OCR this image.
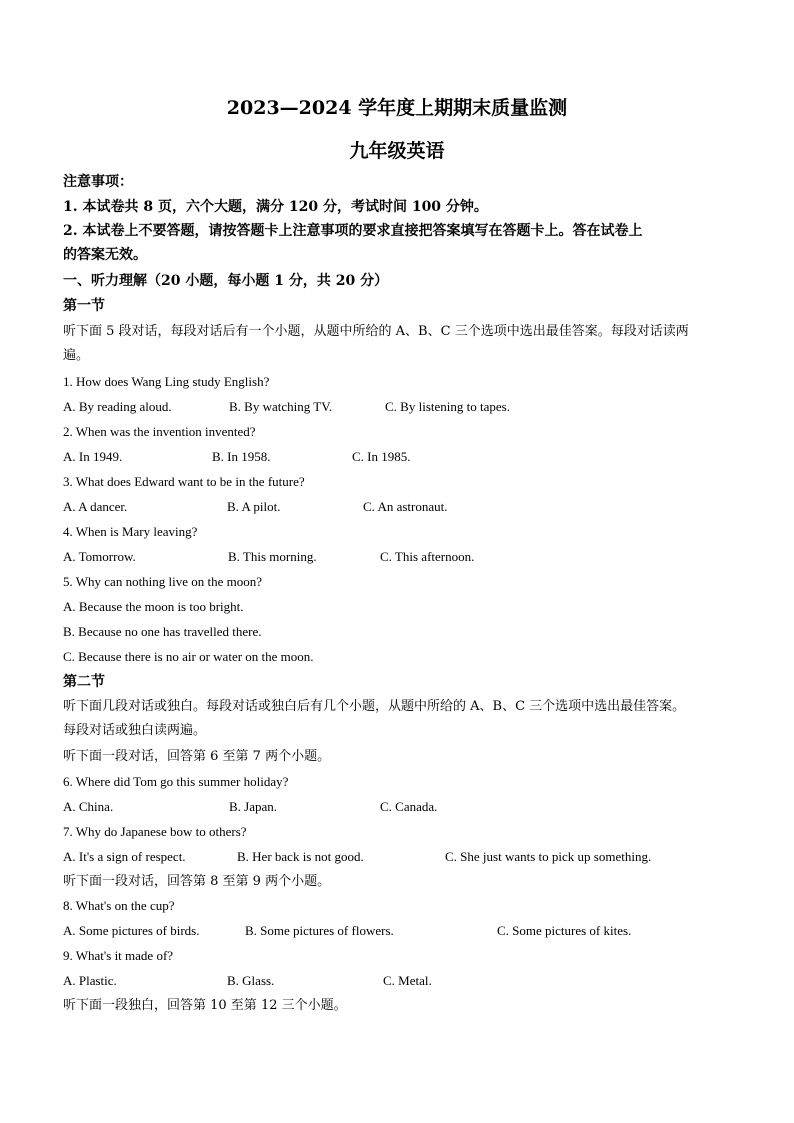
2023—2024 学年度上期期末质量监测
九年级英语
注意事项：
1. 本试卷共 8 页，六个大题，满分 120 分，考试时间 100 分钟。
2. 本试卷上不要答题，请按答题卡上注意事项的要求直接把答案填写在答题卡上。答在试卷上
的答案无效。
一、听力理解（20 小题，每小题 1 分，共 20 分）
第一节
听下面 5 段对话，每段对话后有一个小题，从题中所给的 A、B、C 三个选项中选出最佳答案。每段对话读两
遍。
1. How does Wang Ling study English?
A. By reading aloud.	B. By watching TV.	C. By listening to tapes.
2. When was the invention invented?
A. In 1949.	B. In 1958.	C. In 1985.
3. What does Edward want to be in the future?
A. A dancer.	B. A pilot.	C. An astronaut.
4. When is Mary leaving?
A. Tomorrow.	B. This morning.	C. This afternoon.
5. Why can nothing live on the moon?
A. Because the moon is too bright.
B. Because no one has travelled there.
C. Because there is no air or water on the moon.
第二节
听下面几段对话或独白。每段对话或独白后有几个小题，从题中所给的 A、B、C 三个选项中选出最佳答案。
每段对话或独白读两遍。
听下面一段对话，回答第 6 至第 7 两个小题。
6. Where did Tom go this summer holiday?
A. China.	B. Japan.	C. Canada.
7. Why do Japanese bow to others?
A. It's a sign of respect.	B. Her back is not good.	C. She just wants to pick up something.
听下面一段对话，回答第 8 至第 9 两个小题。
8. What's on the cup?
A. Some pictures of birds.	B. Some pictures of flowers.	C. Some pictures of kites.
9. What's it made of?
A. Plastic.	B. Glass.	C. Metal.
听下面一段独白，回答第 10 至第 12 三个小题。
